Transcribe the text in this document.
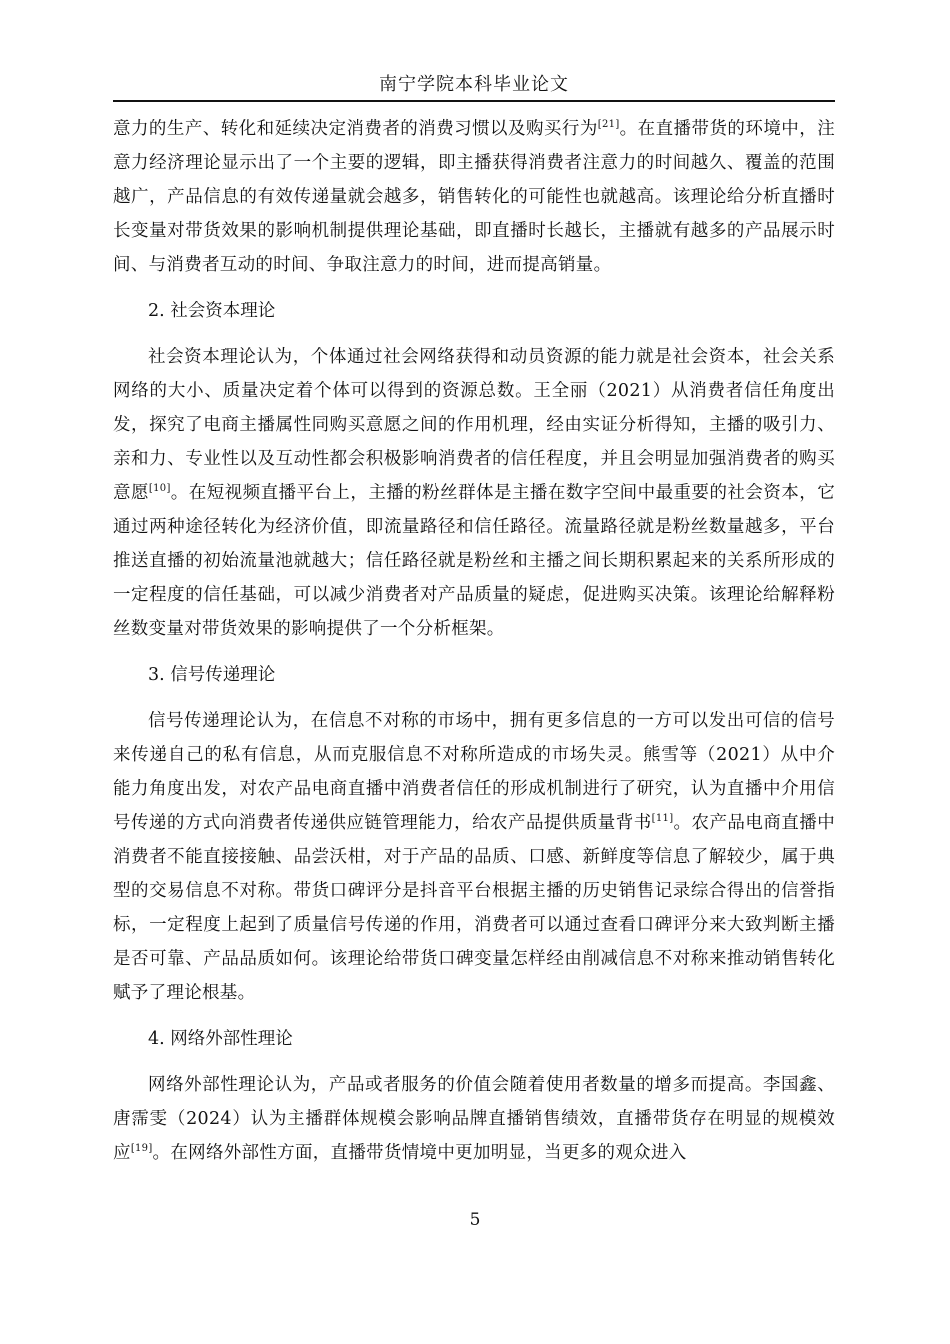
南宁学院本科毕业论文

意力的生产、转化和延续决定消费者的消费习惯以及购买行为[21]。在直播带货的环境中，注意力经济理论显示出了一个主要的逻辑，即主播获得消费者注意力的时间越久、覆盖的范围越广，产品信息的有效传递量就会越多，销售转化的可能性也就越高。该理论给分析直播时长变量对带货效果的影响机制提供理论基础，即直播时长越长，主播就有越多的产品展示时间、与消费者互动的时间、争取注意力的时间，进而提高销量。

2. 社会资本理论

社会资本理论认为，个体通过社会网络获得和动员资源的能力就是社会资本，社会关系网络的大小、质量决定着个体可以得到的资源总数。王全丽（2021）从消费者信任角度出发，探究了电商主播属性同购买意愿之间的作用机理，经由实证分析得知，主播的吸引力、亲和力、专业性以及互动性都会积极影响消费者的信任程度，并且会明显加强消费者的购买意愿[10]。在短视频直播平台上，主播的粉丝群体是主播在数字空间中最重要的社会资本，它通过两种途径转化为经济价值，即流量路径和信任路径。流量路径就是粉丝数量越多，平台推送直播的初始流量池就越大；信任路径就是粉丝和主播之间长期积累起来的关系所形成的一定程度的信任基础，可以减少消费者对产品质量的疑虑，促进购买决策。该理论给解释粉丝数变量对带货效果的影响提供了一个分析框架。

3. 信号传递理论

信号传递理论认为，在信息不对称的市场中，拥有更多信息的一方可以发出可信的信号来传递自己的私有信息，从而克服信息不对称所造成的市场失灵。熊雪等（2021）从中介能力角度出发，对农产品电商直播中消费者信任的形成机制进行了研究，认为直播中介用信号传递的方式向消费者传递供应链管理能力，给农产品提供质量背书[11]。农产品电商直播中消费者不能直接接触、品尝沃柑，对于产品的品质、口感、新鲜度等信息了解较少，属于典型的交易信息不对称。带货口碑评分是抖音平台根据主播的历史销售记录综合得出的信誉指标，一定程度上起到了质量信号传递的作用，消费者可以通过查看口碑评分来大致判断主播是否可靠、产品品质如何。该理论给带货口碑变量怎样经由削减信息不对称来推动销售转化赋予了理论根基。

4. 网络外部性理论

网络外部性理论认为，产品或者服务的价值会随着使用者数量的增多而提高。李国鑫、唐霈雯（2024）认为主播群体规模会影响品牌直播销售绩效，直播带货存在明显的规模效应[19]。在网络外部性方面，直播带货情境中更加明显，当更多的观众进入

5
